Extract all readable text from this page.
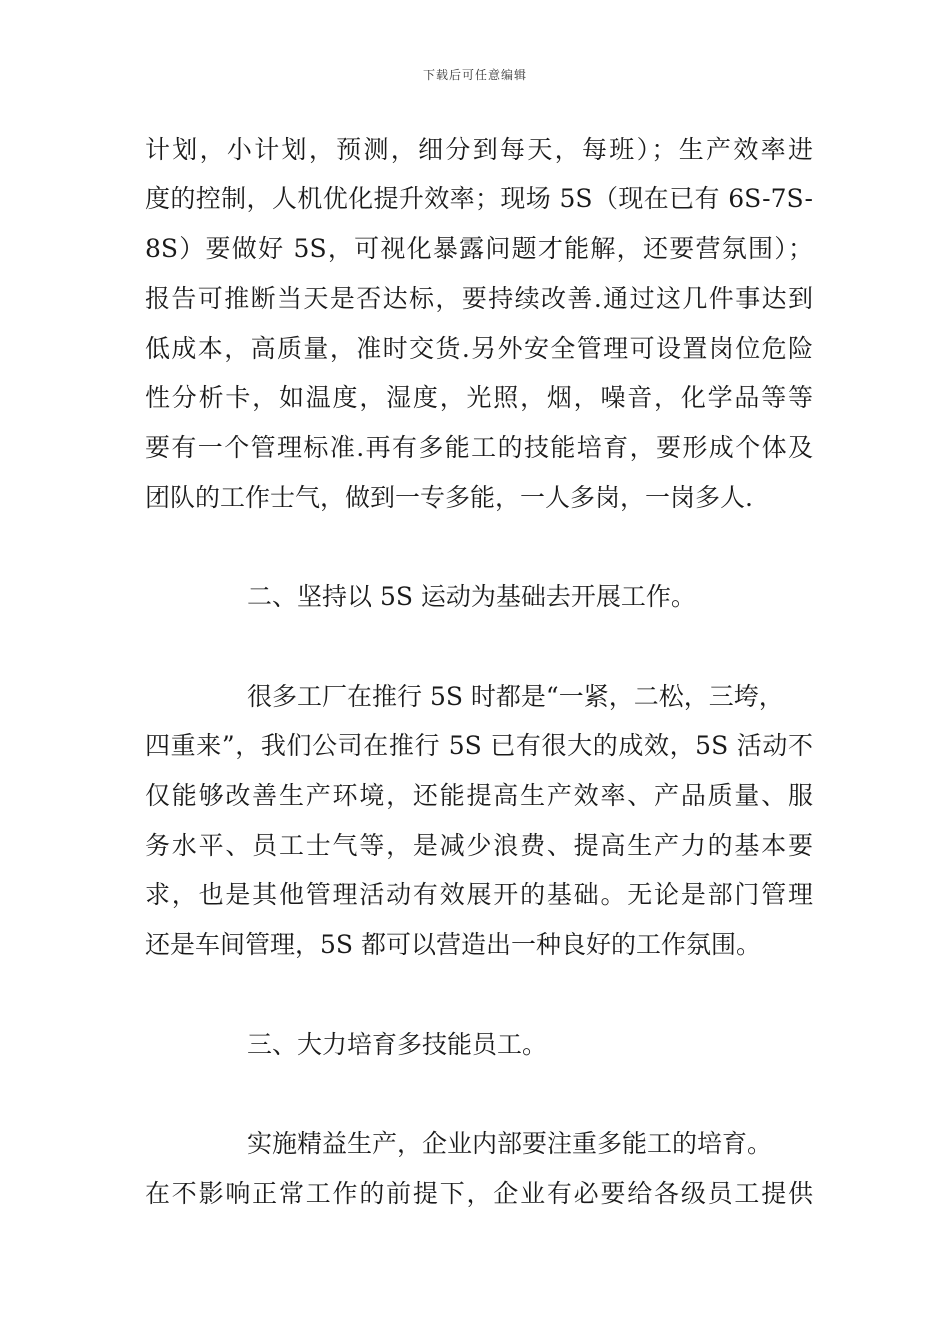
下载后可任意编辑
计划，小计划，预测，细分到每天，每班）；生产效率进
度的控制，人机优化提升效率；现场 5S（现在已有 6S-7S-
8S）要做好 5S，可视化暴露问题才能解，还要营氛围）；
报告可推断当天是否达标，要持续改善.通过这几件事达到
低成本，高质量，准时交货.另外安全管理可设置岗位危险
性分析卡，如温度，湿度，光照，烟，噪音，化学品等等
要有一个管理标准.再有多能工的技能培育，要形成个体及
团队的工作士气，做到一专多能，一人多岗，一岗多人.
二、坚持以 5S 运动为基础去开展工作。
很多工厂在推行 5S 时都是“一紧，二松，三垮，
四重来”，我们公司在推行 5S 已有很大的成效，5S 活动不
仅能够改善生产环境，还能提高生产效率、产品质量、服
务水平、员工士气等，是减少浪费、提高生产力的基本要
求，也是其他管理活动有效展开的基础。无论是部门管理
还是车间管理，5S 都可以营造出一种良好的工作氛围。
三、大力培育多技能员工。
实施精益生产，企业内部要注重多能工的培育。
在不影响正常工作的前提下，企业有必要给各级员工提供
